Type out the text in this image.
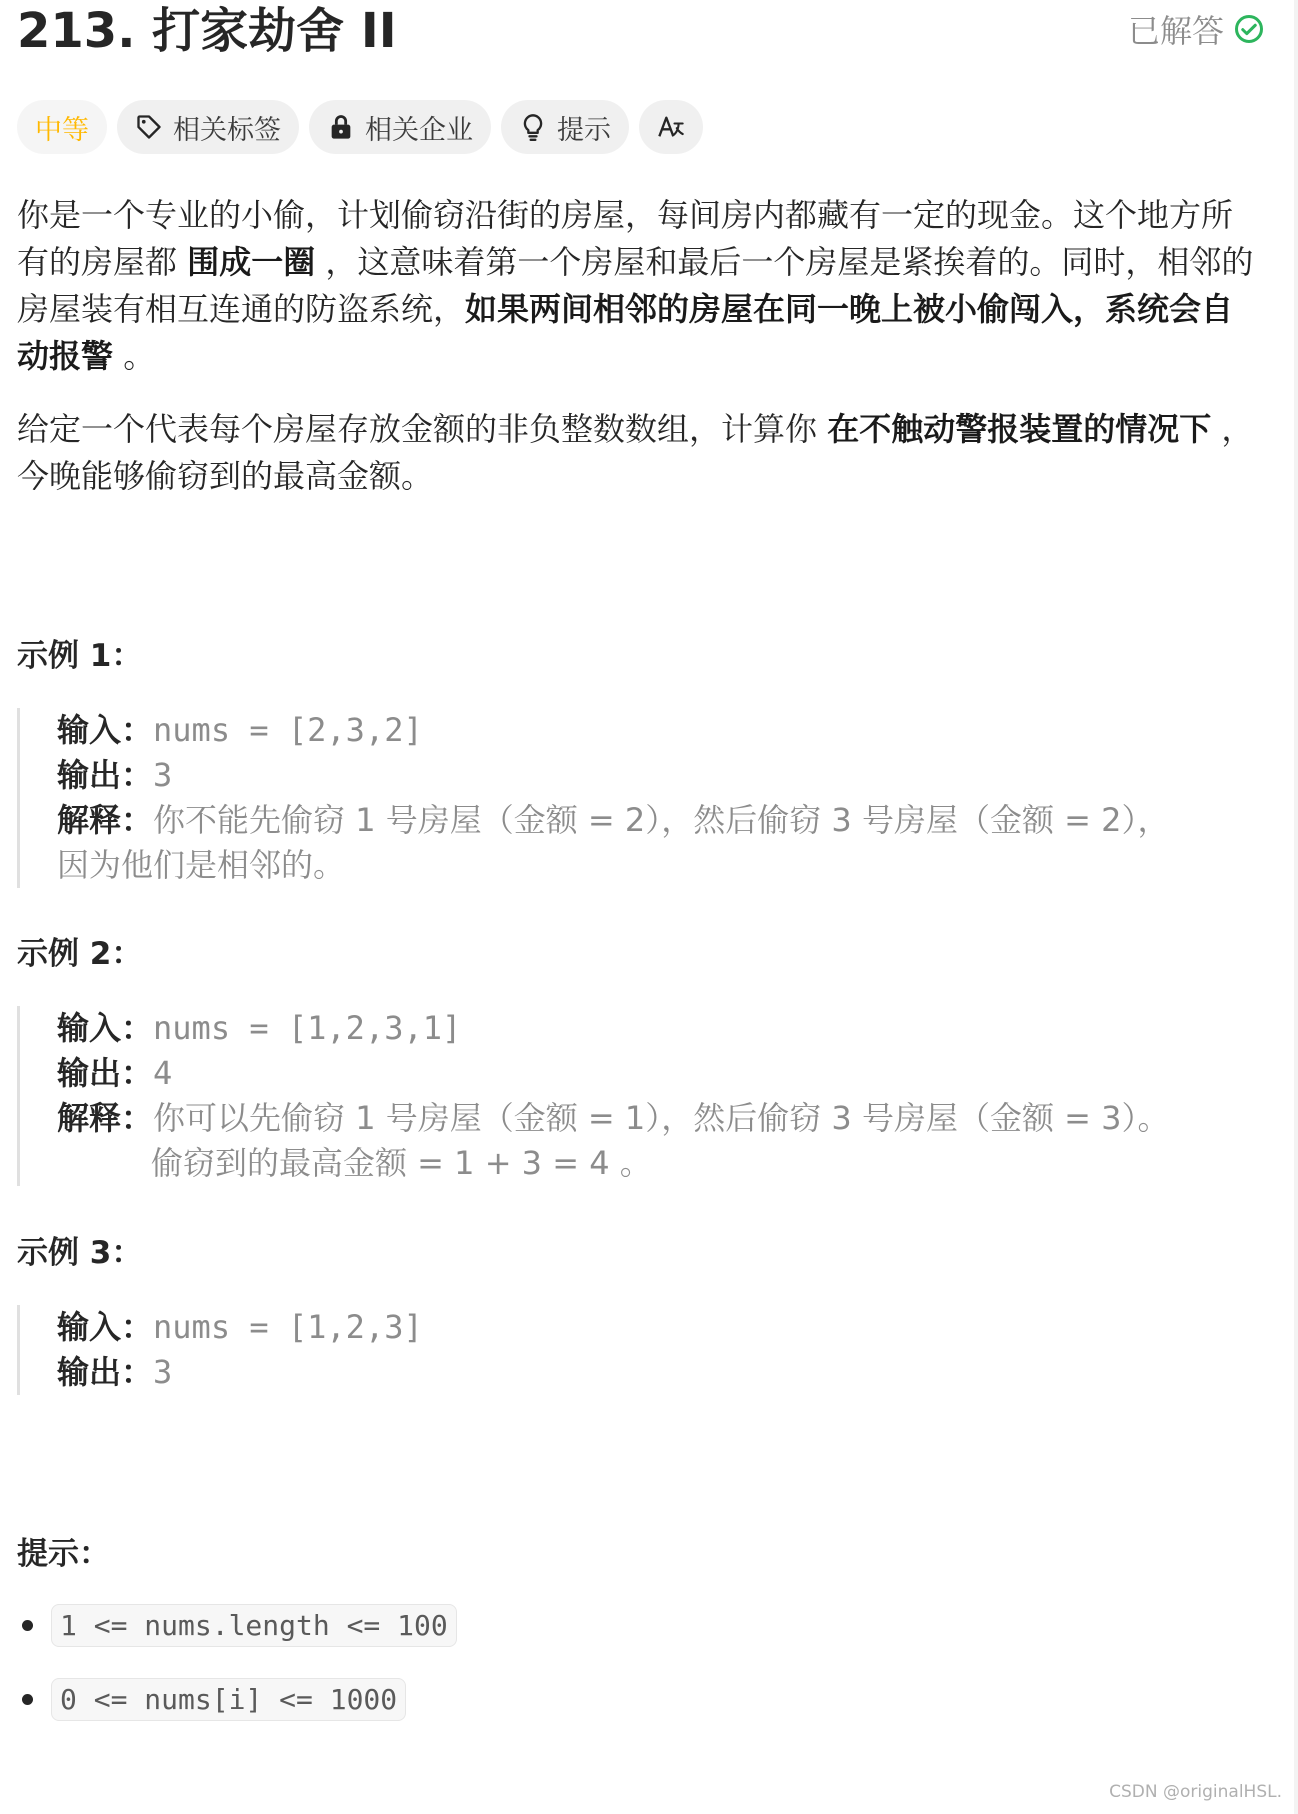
213. 打家劫舍 II	已解答
中等	相关标签	相关企业	提示

你是一个专业的小偷，计划偷窃沿街的房屋，每间房内都藏有一定的现金。这个地方所有的房屋都 围成一圈 ，这意味着第一个房屋和最后一个房屋是紧挨着的。同时，相邻的房屋装有相互连通的防盗系统，如果两间相邻的房屋在同一晚上被小偷闯入，系统会自动报警 。

给定一个代表每个房屋存放金额的非负整数数组，计算你 在不触动警报装置的情况下 ，今晚能够偷窃到的最高金额。

示例 1：
输入：nums = [2,3,2]
输出：3
解释：你不能先偷窃 1 号房屋（金额 = 2），然后偷窃 3 号房屋（金额 = 2），
因为他们是相邻的。
示例 2：
输入：nums = [1,2,3,1]
输出：4
解释：你可以先偷窃 1 号房屋（金额 = 1），然后偷窃 3 号房屋（金额 = 3）。
偷窃到的最高金额 = 1 + 3 = 4 。
示例 3：
输入：nums = [1,2,3]
输出：3
提示：
1 <= nums.length <= 100
0 <= nums[i] <= 1000
CSDN @originalHSL.
